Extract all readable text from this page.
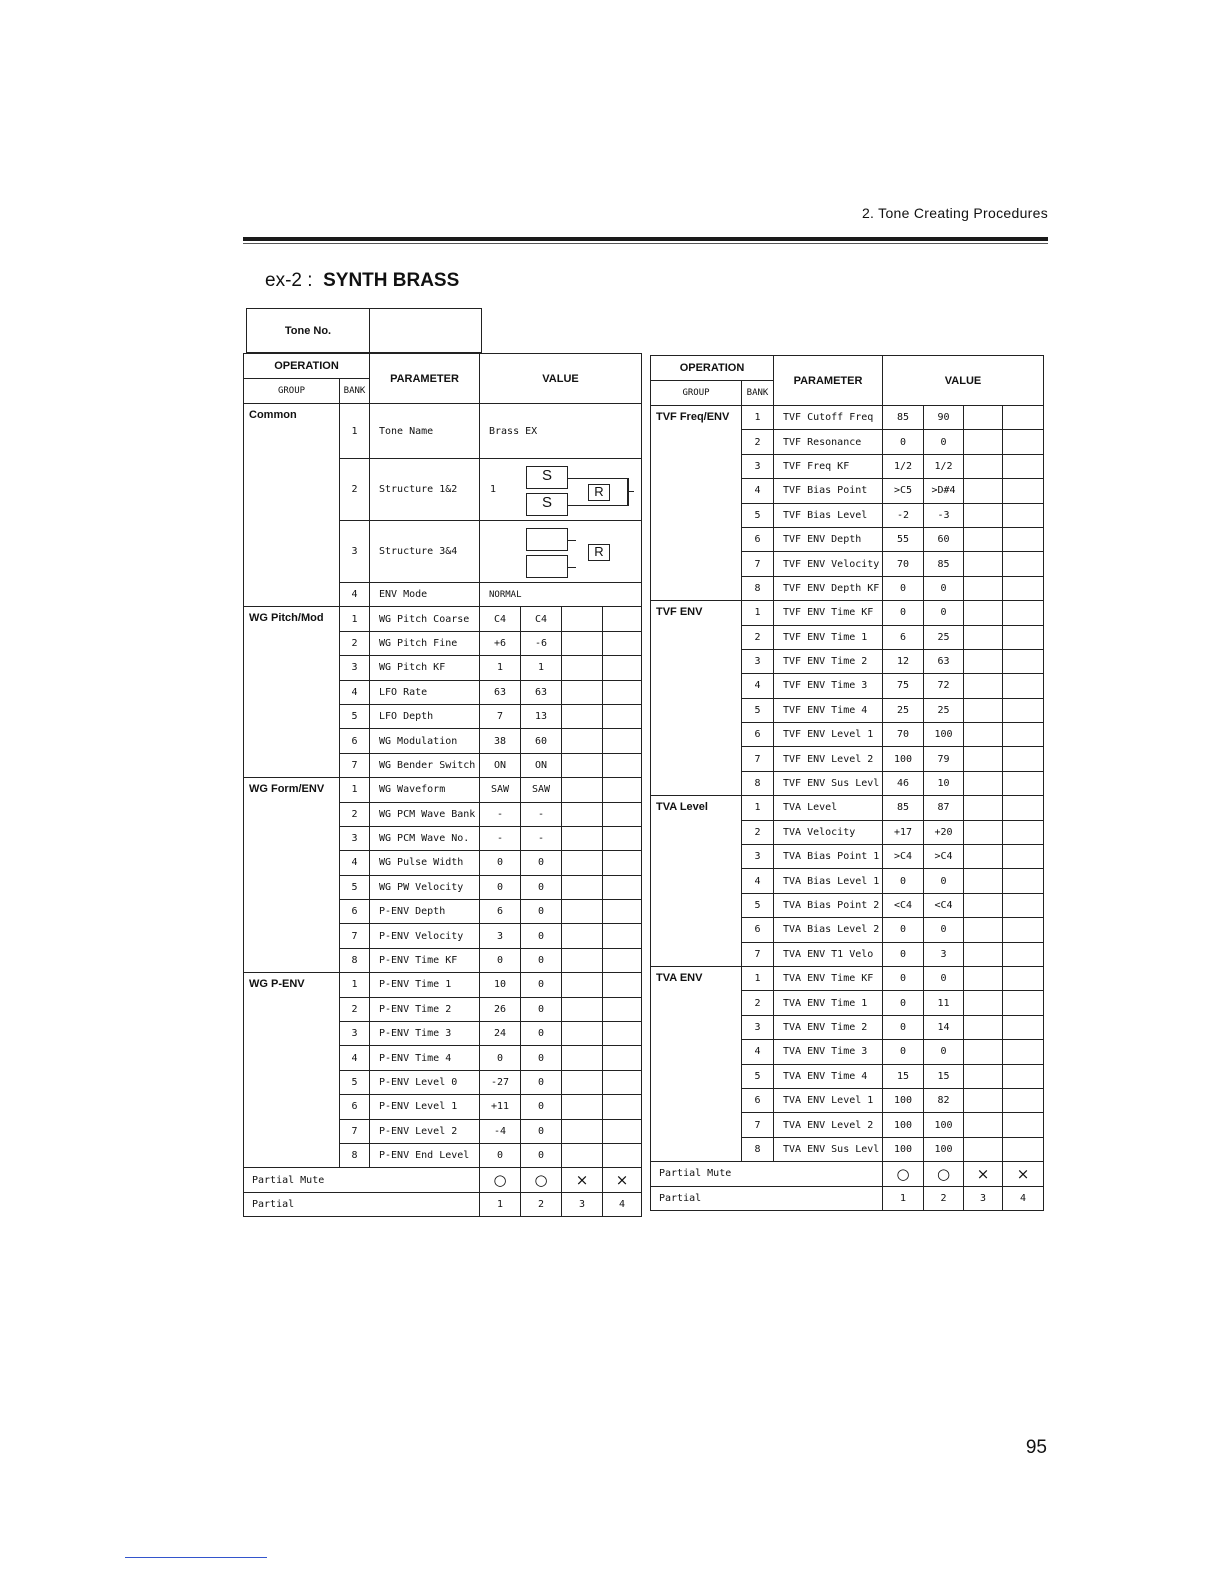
2. Tone Creating Procedures
ex-2 : SYNTH BRASS
Tone No.	
OPERATION		PARAMETER	VALUE			
GROUP	BANK					
Common	1	Tone Name	Brass EX			
	2	Structure 1&2	1
S
S
R			

	3	Structure 3&4	R			

	4	ENV Mode	NORMAL			
WG Pitch/Mod	1	WG Pitch Coarse	C4	C4		
	2	WG Pitch Fine	+6	-6		
	3	WG Pitch KF	1	1		
	4	LFO Rate	63	63		
	5	LFO Depth	7	13		
	6	WG Modulation	38	60		
	7	WG Bender Switch	ON	ON		
WG Form/ENV	1	WG Waveform	SAW	SAW		
	2	WG PCM Wave Bank	-	-		
	3	WG PCM Wave No.	-	-		
	4	WG Pulse Width	0	0		
	5	WG PW Velocity	0	0		
	6	P-ENV Depth	6	0		
	7	P-ENV Velocity	3	0		
	8	P-ENV Time KF	0	0		
WG P-ENV	1	P-ENV Time 1	10	0		
	2	P-ENV Time 2	26	0		
	3	P-ENV Time 3	24	0		
	4	P-ENV Time 4	0	0		
	5	P-ENV Level 0	-27	0		
	6	P-ENV Level 1	+11	0		
	7	P-ENV Level 2	-4	0		
	8	P-ENV End Level	0	0		
Partial Mute			○	○	×	×
Partial			1	2	3	4
OPERATION		PARAMETER	VALUE			
GROUP	BANK					
TVF Freq/ENV	1	TVF Cutoff Freq	85	90		
	2	TVF Resonance	0	0		
	3	TVF Freq KF	1/2	1/2		
	4	TVF Bias Point	>C5	>D#4		
	5	TVF Bias Level	-2	-3		
	6	TVF ENV Depth	55	60		
	7	TVF ENV Velocity	70	85		
	8	TVF ENV Depth KF	0	0		
TVF ENV	1	TVF ENV Time KF	0	0		
	2	TVF ENV Time 1	6	25		
	3	TVF ENV Time 2	12	63		
	4	TVF ENV Time 3	75	72		
	5	TVF ENV Time 4	25	25		
	6	TVF ENV Level 1	70	100		
	7	TVF ENV Level 2	100	79		
	8	TVF ENV Sus Levl	46	10		
TVA Level	1	TVA Level	85	87		
	2	TVA Velocity	+17	+20		
	3	TVA Bias Point 1	>C4	>C4		
	4	TVA Bias Level 1	0	0		
	5	TVA Bias Point 2	<C4	<C4		
	6	TVA Bias Level 2	0	0		
	7	TVA ENV T1 Velo	0	3		
TVA ENV	1	TVA ENV Time KF	0	0		
	2	TVA ENV Time 1	0	11		
	3	TVA ENV Time 2	0	14		
	4	TVA ENV Time 3	0	0		
	5	TVA ENV Time 4	15	15		
	6	TVA ENV Level 1	100	82		
	7	TVA ENV Level 2	100	100		
	8	TVA ENV Sus Levl	100	100		
Partial Mute			○	○	×	×
Partial			1	2	3	4
95
